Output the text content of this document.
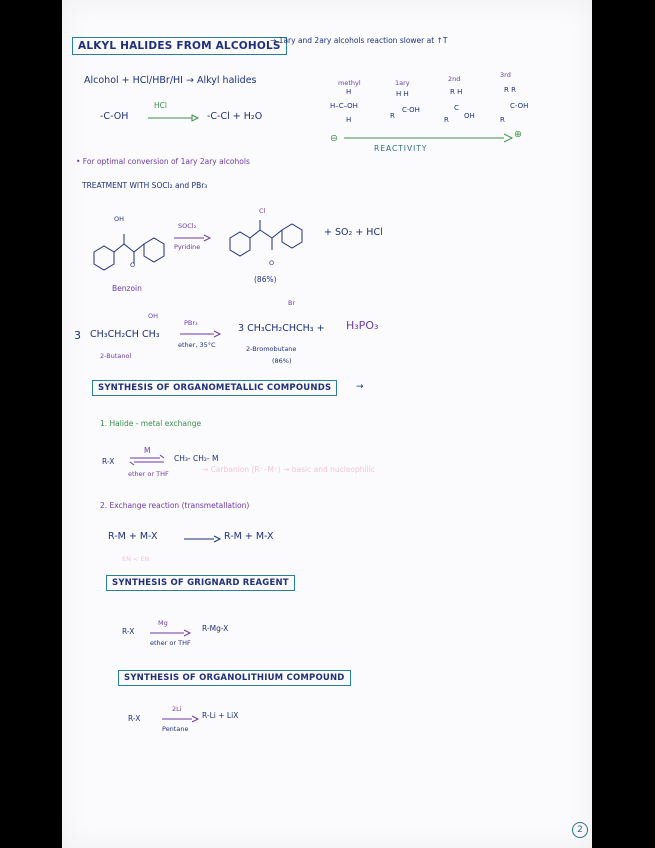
ALKYL HALIDES FROM ALCOHOLS
→ 1ary and 2ary alcohols reaction slower at ↑T
Alcohol + HCl/HBr/HI → Alkyl halides
-C-OH
HCl
-C-Cl + H₂O
methyl	1ary	2nd	3rd
H
H–C–OH
H
H H
R
C·OH
R H
C
R OH
R R
C-OH
R
⊖	⊕
REACTIVITY
• For optimal conversion of 1ary 2ary alcohols
TREATMENT WITH SOCl₂ and PBr₃
OH
O
Benzoin
SOCl₂
Pyridine
Cl
O
+ SO₂ + HCl
(86%)
OH
3 CH₃CH₂CH CH₃
PBr₃
ether, 35°C
Br
3 CH₃CH₂CHCH₃ + H₃PO₃
2-Butanol
2-Bromobutane
(86%)
SYNTHESIS OF ORGANOMETALLIC COMPOUNDS	→
1. Halide - metal exchange
R-X
M
ether or THF
CH₃- CH₂- M
→ Carbanion (R⁻–M⁺) → basic and nucleophilic
2. Exchange reaction (transmetallation)
R-M + M-X	R-M + M-X
EN < EN
SYNTHESIS OF GRIGNARD REAGENT
R-X
Mg
ether or THF
R-Mg-X
SYNTHESIS OF ORGANOLITHIUM COMPOUND
R-X
2Li
Pentane
R-Li + LiX
2
